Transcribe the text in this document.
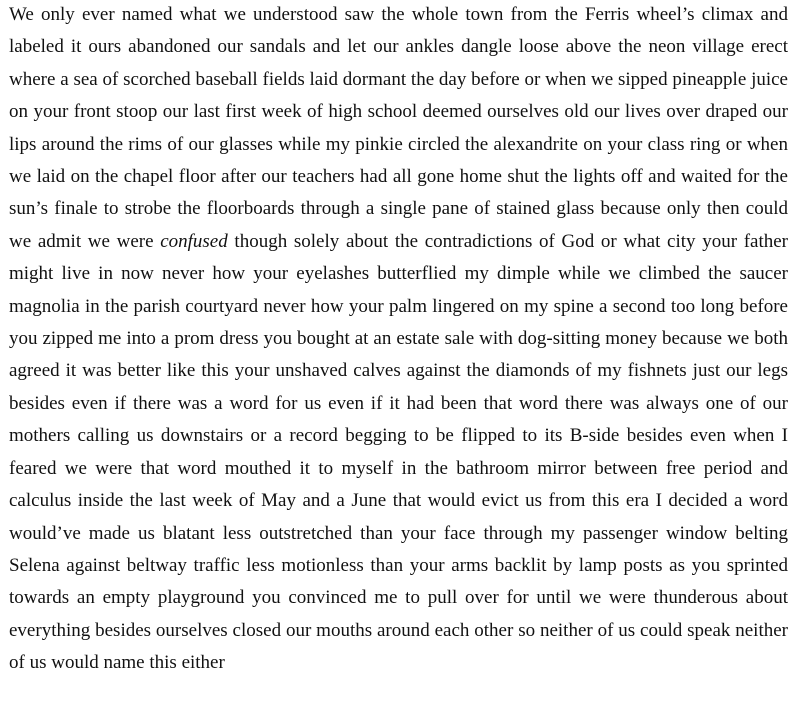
We only ever named what we understood saw the whole town from the Ferris wheel’s climax and labeled it ours abandoned our sandals and let our ankles dangle loose above the neon village erect where a sea of scorched baseball fields laid dormant the day before or when we sipped pineapple juice on your front stoop our last first week of high school deemed ourselves old our lives over draped our lips around the rims of our glasses while my pinkie circled the alexandrite on your class ring or when we laid on the chapel floor after our teachers had all gone home shut the lights off and waited for the sun’s finale to strobe the floorboards through a single pane of stained glass because only then could we admit we were confused though solely about the contradictions of God or what city your father might live in now never how your eyelashes butterflied my dimple while we climbed the saucer magnolia in the parish courtyard never how your palm lingered on my spine a second too long before you zipped me into a prom dress you bought at an estate sale with dog-sitting money because we both agreed it was better like this your unshaved calves against the diamonds of my fishnets just our legs besides even if there was a word for us even if it had been that word there was always one of our mothers calling us downstairs or a record begging to be flipped to its B-side besides even when I feared we were that word mouthed it to myself in the bathroom mirror between free period and calculus inside the last week of May and a June that would evict us from this era I decided a word would’ve made us blatant less outstretched than your face through my passenger window belting Selena against beltway traffic less motionless than your arms backlit by lamp posts as you sprinted towards an empty playground you convinced me to pull over for until we were thunderous about everything besides ourselves closed our mouths around each other so neither of us could speak neither of us would name this either
